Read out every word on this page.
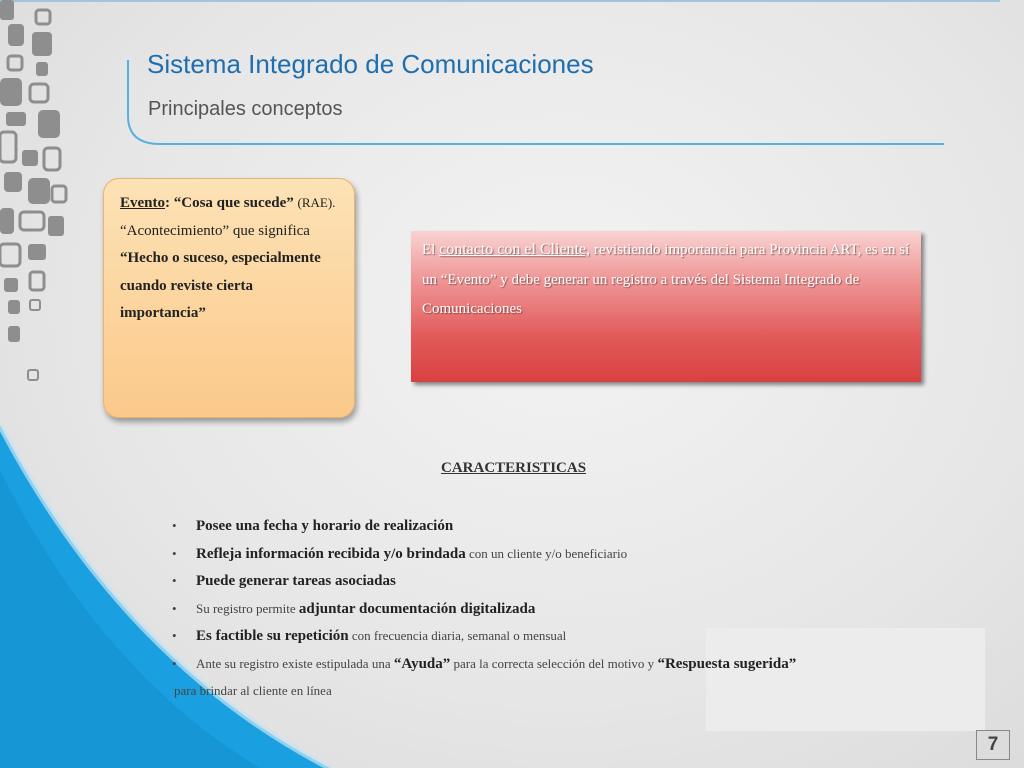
Sistema Integrado de Comunicaciones
Principales conceptos
Evento: “Cosa que sucede” (RAE). “Acontecimiento” que significa “Hecho o suceso, especialmente cuando reviste cierta importancia”
El contacto con el Cliente, revistiendo importancia para Provincia ART, es en sí un “Evento” y debe generar un registro a través del Sistema Integrado de Comunicaciones
CARACTERISTICAS
• Posee una fecha y horario de realización
• Refleja información recibida y/o brindada con un cliente y/o beneficiario
• Puede generar tareas asociadas
• Su registro permite adjuntar documentación digitalizada
• Es factible su repetición con frecuencia diaria, semanal o mensual
• Ante su registro existe estipulada una “Ayuda” para la correcta selección del motivo y “Respuesta sugerida”
para brindar al cliente en línea
7
